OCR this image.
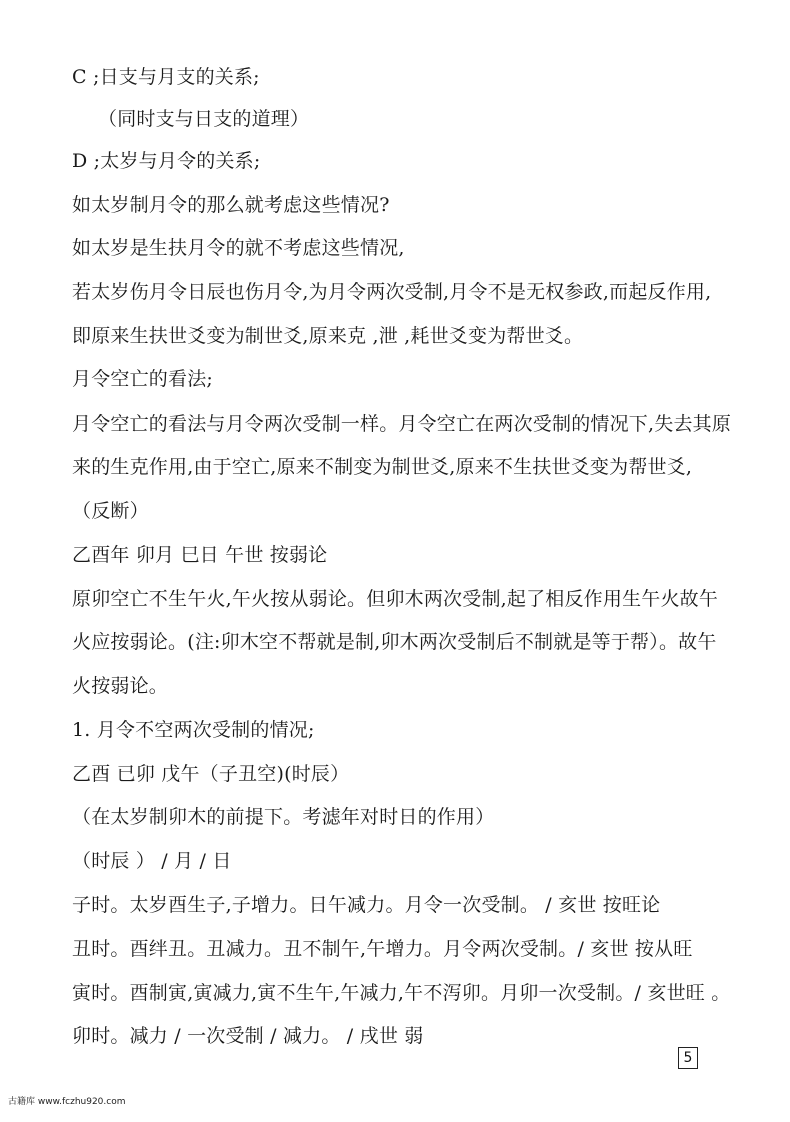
C ;日支与月支的关系;
（同时支与日支的道理）
D ;太岁与月令的关系;
如太岁制月令的那么就考虑这些情况?
如太岁是生扶月令的就不考虑这些情况,
若太岁伤月令日辰也伤月令,为月令两次受制,月令不是无权参政,而起反作用,
即原来生扶世爻变为制世爻,原来克 ,泄 ,耗世爻变为帮世爻。
月令空亡的看法;
月令空亡的看法与月令两次受制一样。月令空亡在两次受制的情况下,失去其原
来的生克作用,由于空亡,原来不制变为制世爻,原来不生扶世爻变为帮世爻,
（反断）
乙酉年 卯月 巳日 午世 按弱论
原卯空亡不生午火,午火按从弱论。但卯木两次受制,起了相反作用生午火故午
火应按弱论。(注:卯木空不帮就是制,卯木两次受制后不制就是等于帮）。故午
火按弱论。
1. 月令不空两次受制的情况;
乙酉 已卯 戊午（子丑空)(时辰）
（在太岁制卯木的前提下。考滤年对时日的作用）
（时辰 ） / 月 / 日
子时。太岁酉生子,子增力。日午减力。月令一次受制。 / 亥世 按旺论
丑时。酉绊丑。丑减力。丑不制午,午增力。月令两次受制。/ 亥世 按从旺
寅时。酉制寅,寅减力,寅不生午,午减力,午不泻卯。月卯一次受制。/ 亥世旺 。
卯时。减力 / 一次受制 / 减力。 / 戌世 弱
5
古籍库 www.fczhu920.com
